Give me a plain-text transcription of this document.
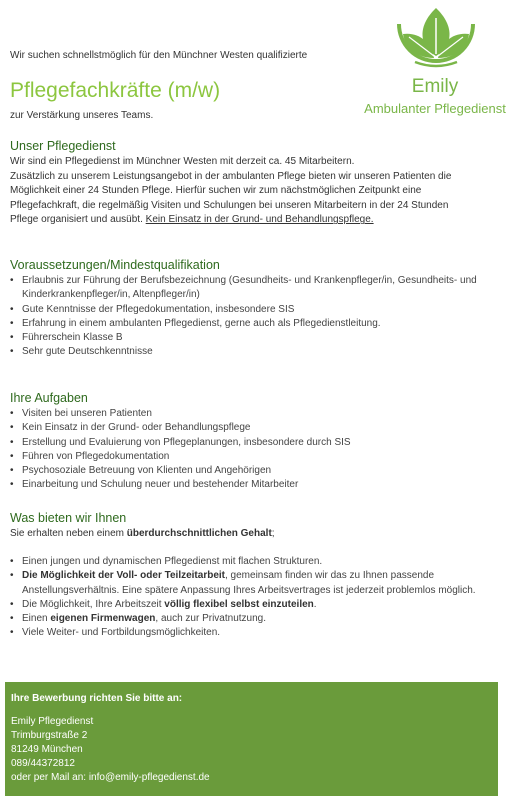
Wir suchen schnellstmöglich für den Münchner Westen qualifizierte
Pflegefachkräfte (m/w)
zur Verstärkung unseres Teams.
Emily
Ambulanter Pflegedienst
Unser Pflegedienst
Wir sind ein Pflegedienst im Münchner Westen mit derzeit ca. 45 Mitarbeitern.
Zusätzlich zu unserem Leistungsangebot in der ambulanten Pflege bieten wir unseren Patienten die
Möglichkeit einer 24 Stunden Pflege. Hierfür suchen wir zum nächstmöglichen Zeitpunkt eine
Pflegefachkraft, die regelmäßig Visiten und Schulungen bei unseren Mitarbeitern in der 24 Stunden
Pflege organisiert und ausübt. Kein Einsatz in der Grund- und Behandlungspflege.
Voraussetzungen/Mindestqualifikation
• Erlaubnis zur Führung der Berufsbezeichnung (Gesundheits- und Krankenpfleger/in, Gesundheits- und Kinderkrankenpfleger/in, Altenpfleger/in)
• Gute Kenntnisse der Pflegedokumentation, insbesondere SIS
• Erfahrung in einem ambulanten Pflegedienst, gerne auch als Pflegedienstleitung.
• Führerschein Klasse B
• Sehr gute Deutschkenntnisse
Ihre Aufgaben
• Visiten bei unseren Patienten
• Kein Einsatz in der Grund- oder Behandlungspflege
• Erstellung und Evaluierung von Pflegeplanungen, insbesondere durch SIS
• Führen von Pflegedokumentation
• Psychosoziale Betreuung von Klienten und Angehörigen
• Einarbeitung und Schulung neuer und bestehender Mitarbeiter
Was bieten wir Ihnen
Sie erhalten neben einem überdurchschnittlichen Gehalt;
• Einen jungen und dynamischen Pflegedienst mit flachen Strukturen.
• Die Möglichkeit der Voll- oder Teilzeitarbeit, gemeinsam finden wir das zu Ihnen passende Anstellungsverhältnis. Eine spätere Anpassung Ihres Arbeitsvertrages ist jederzeit problemlos möglich.
• Die Möglichkeit, Ihre Arbeitszeit völlig flexibel selbst einzuteilen.
• Einen eigenen Firmenwagen, auch zur Privatnutzung.
• Viele Weiter- und Fortbildungsmöglichkeiten.
Ihre Bewerbung richten Sie bitte an:
Emily Pflegedienst
Trimburgstraße 2
81249 München
089/44372812
oder per Mail an: info@emily-pflegedienst.de
